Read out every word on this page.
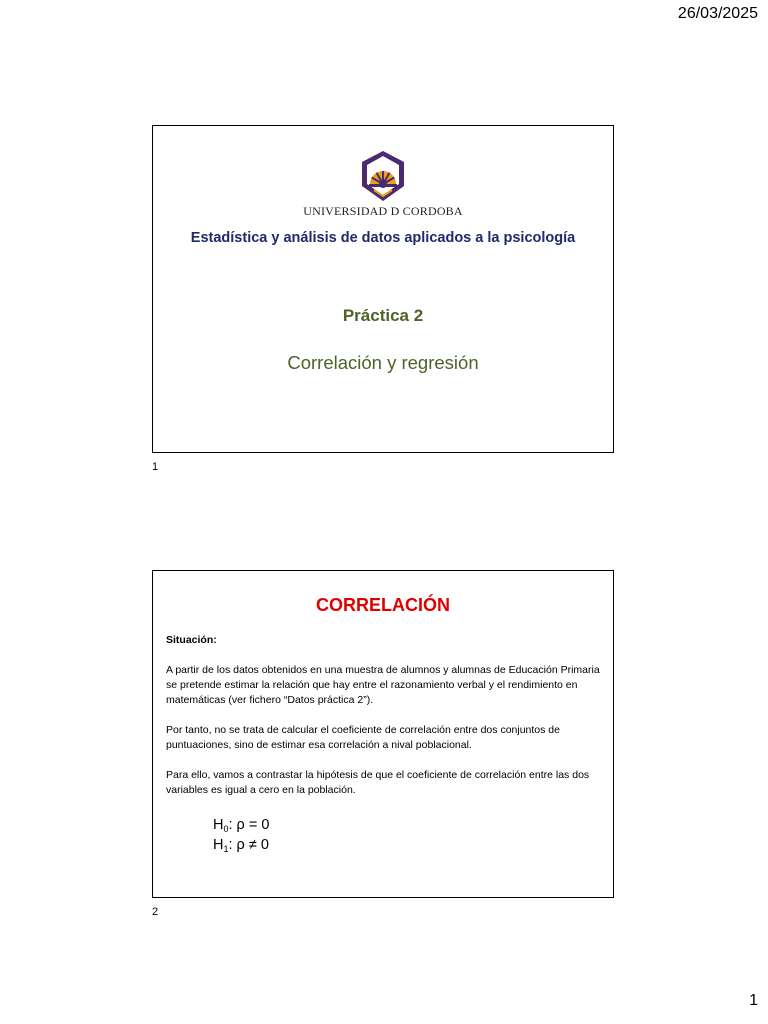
26/03/2025
UNIVERSIDAD D CORDOBA
Estadística y análisis de datos aplicados a la psicología
Práctica 2
Correlación y regresión
1
CORRELACIÓN
Situación:
A partir de los datos obtenidos en una muestra de alumnos y alumnas de Educación Primaria se pretende estimar la relación que hay entre el razonamiento verbal y el rendimiento en matemáticas (ver fichero “Datos práctica 2”).
Por tanto, no se trata de calcular el coeficiente de correlación entre dos conjuntos de puntuaciones, sino de estimar esa correlación a nival poblacional.
Para ello, vamos a contrastar la hipótesis de que el coeficiente de correlación entre las dos variables es igual a cero en la población.
$H_0$: ρ = 0
$H_1$: ρ ≠ 0
2
1
